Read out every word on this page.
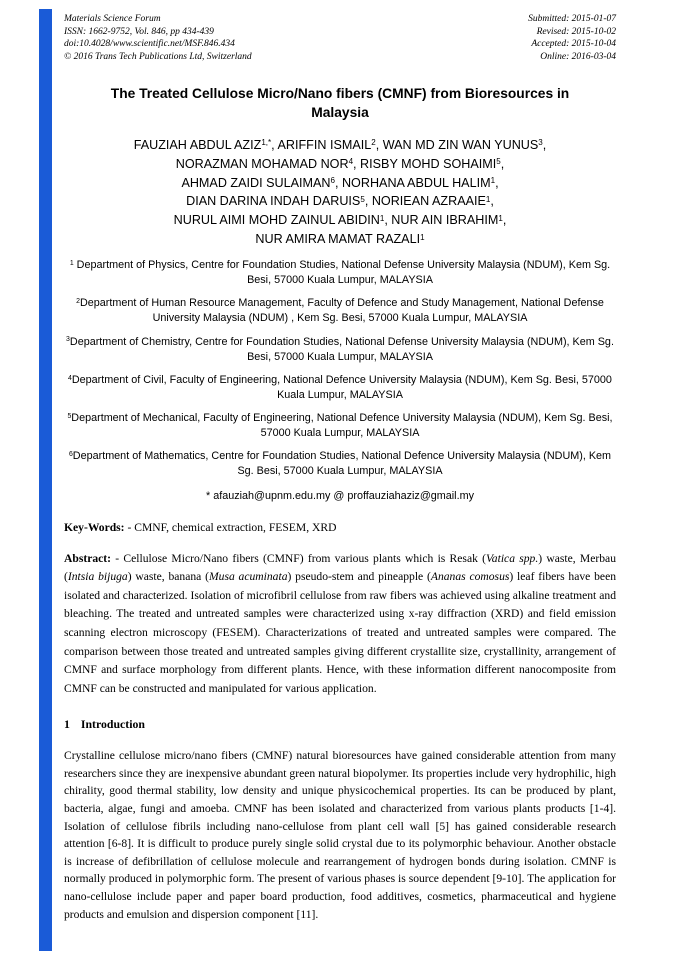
Materials Science Forum
ISSN: 1662-9752, Vol. 846, pp 434-439
doi:10.4028/www.scientific.net/MSF.846.434
© 2016 Trans Tech Publications Ltd, Switzerland
Submitted: 2015-01-07
Revised: 2015-10-02
Accepted: 2015-10-04
Online: 2016-03-04
The Treated Cellulose Micro/Nano fibers (CMNF) from Bioresources in Malaysia
FAUZIAH ABDUL $AZIZ^{1,*}$, ARIFFIN ISMAIL$^2$, WAN MD ZIN WAN YUNUS$^3$,
NORAZMAN MOHAMAD NOR$^4$, RISBY MOHD SOHAIMI$^5$,
AHMAD ZAIDI SULAIMAN$^6$, NORHANA ABDUL HALIM$^1$,
DIAN DARINA INDAH DARUIS$^5$, NORIEAN AZRAAIE$^1$,
NURUL AIMI MOHD ZAINUL ABIDIN$^1$, NUR AIN IBRAHIM$^1$,
NUR AMIRA MAMAT RAZALI$^1$
$^1$ Department of Physics, Centre for Foundation Studies, National Defense University Malaysia (NDUM), Kem Sg. Besi, 57000 Kuala Lumpur, MALAYSIA
$^2$Department of Human Resource Management, Faculty of Defence and Study Management, National Defense University Malaysia (NDUM) , Kem Sg. Besi, 57000 Kuala Lumpur, MALAYSIA
$^3$Department of Chemistry, Centre for Foundation Studies, National Defense University Malaysia (NDUM), Kem Sg. Besi, 57000 Kuala Lumpur, MALAYSIA
$^4$Department of Civil, Faculty of Engineering, National Defence University Malaysia (NDUM), Kem Sg. Besi, 57000 Kuala Lumpur, MALAYSIA
$^5$Department of Mechanical, Faculty of Engineering, National Defence University Malaysia (NDUM), Kem Sg. Besi, 57000 Kuala Lumpur, MALAYSIA
$^6$Department of Mathematics, Centre for Foundation Studies, National Defence University Malaysia (NDUM), Kem Sg. Besi, 57000 Kuala Lumpur, MALAYSIA

* afauziah@upnm.edu.my @ proffauziahaziz@gmail.my

Key-Words: - CMNF, chemical extraction, FESEM, XRD

Abstract: - Cellulose Micro/Nano fibers (CMNF) from various plants which is Resak (Vatica spp.) waste, Merbau (Intsia bijuga) waste, banana (Musa acuminata) pseudo-stem and pineapple (Ananas comosus) leaf fibers have been isolated and characterized. Isolation of microfibril cellulose from raw fibers was achieved using alkaline treatment and bleaching. The treated and untreated samples were characterized using x-ray diffraction (XRD) and field emission scanning electron microscopy (FESEM). Characterizations of treated and untreated samples were compared. The comparison between those treated and untreated samples giving different crystallite size, crystallinity, arrangement of CMNF and surface morphology from different plants. Hence, with these information different nanocomposite from CMNF can be constructed and manipulated for various application.

1 Introduction

Crystalline cellulose micro/nano fibers (CMNF) natural bioresources have gained considerable attention from many researchers since they are inexpensive abundant green natural biopolymer. Its properties include very hydrophilic, high chirality, good thermal stability, low density and unique physicochemical properties. Its can be produced by plant, bacteria, algae, fungi and amoeba. CMNF has been isolated and characterized from various plants products [1-4]. Isolation of cellulose fibrils including nano-cellulose from plant cell wall [5] has gained considerable research attention [6-8]. It is difficult to produce purely single solid crystal due to its polymorphic behaviour. Another obstacle is increase of defibrillation of cellulose molecule and rearrangement of hydrogen bonds during isolation. CMNF is normally produced in polymorphic form. The present of various phases is source dependent [9-10]. The application for nano-cellulose include paper and paper board production, food additives, cosmetics, pharmaceutical and hygiene products and emulsion and dispersion component [11].
